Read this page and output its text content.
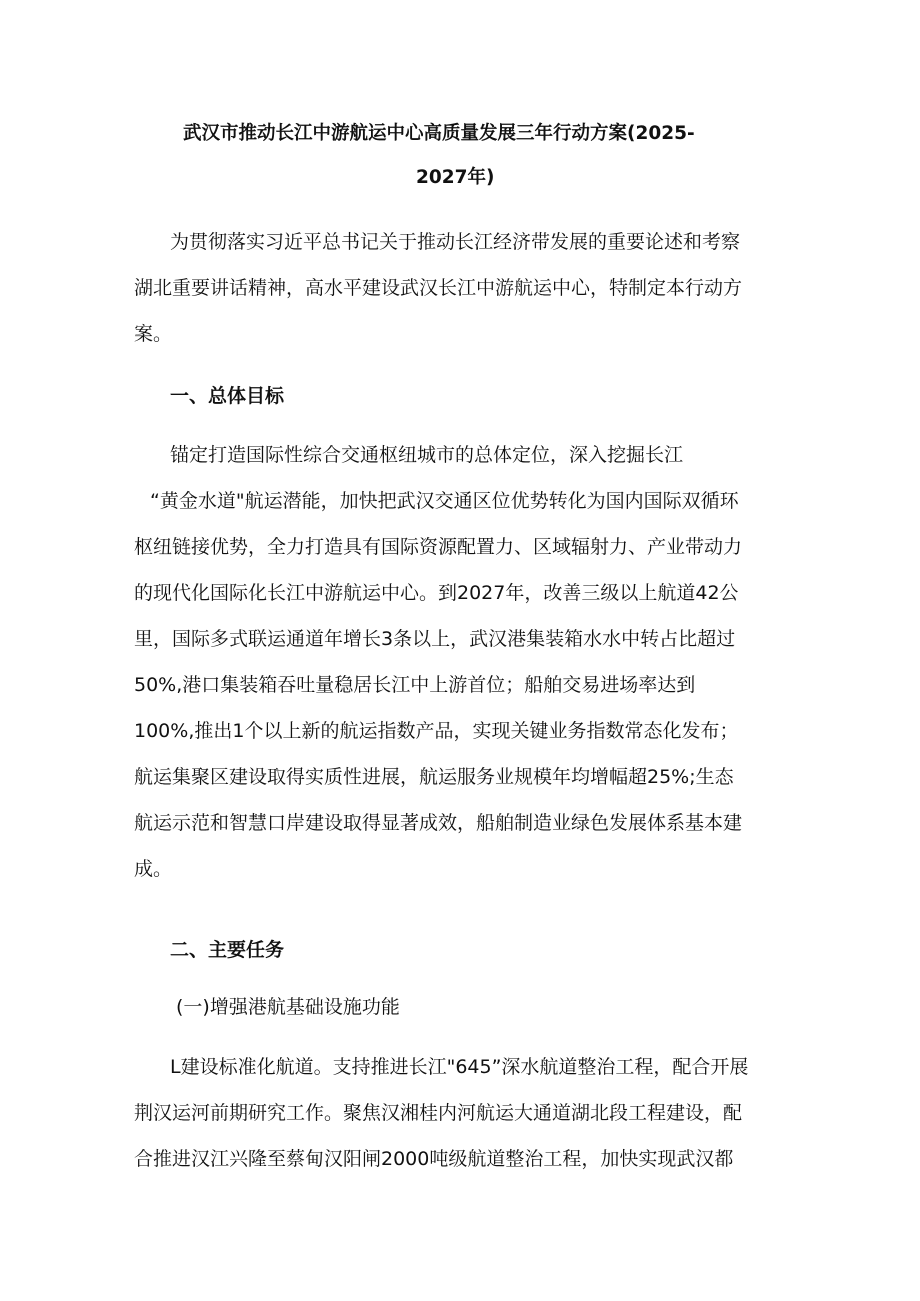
武汉市推动长江中游航运中心高质量发展三年行动方案(2025-
2027年)
为贯彻落实习近平总书记关于推动长江经济带发展的重要论述和考察
湖北重要讲话精神，高水平建设武汉长江中游航运中心，特制定本行动方
案。
一、总体目标
锚定打造国际性综合交通枢纽城市的总体定位，深入挖掘长江
“黄金水道"航运潜能，加快把武汉交通区位优势转化为国内国际双循环
枢纽链接优势，全力打造具有国际资源配置力、区域辐射力、产业带动力
的现代化国际化长江中游航运中心。到2027年，改善三级以上航道42公
里，国际多式联运通道年增长3条以上，武汉港集装箱水水中转占比超过
50%,港口集装箱吞吐量稳居长江中上游首位；船舶交易进场率达到
100%,推出1个以上新的航运指数产品，实现关键业务指数常态化发布；
航运集聚区建设取得实质性进展，航运服务业规模年均增幅超25%;生态
航运示范和智慧口岸建设取得显著成效，船舶制造业绿色发展体系基本建
成。
二、主要任务
(一)增强港航基础设施功能
L建设标准化航道。支持推进长江"645”深水航道整治工程，配合开展
荆汉运河前期研究工作。聚焦汉湘桂内河航运大通道湖北段工程建设，配
合推进汉江兴隆至蔡甸汉阳闸2000吨级航道整治工程，加快实现武汉都
